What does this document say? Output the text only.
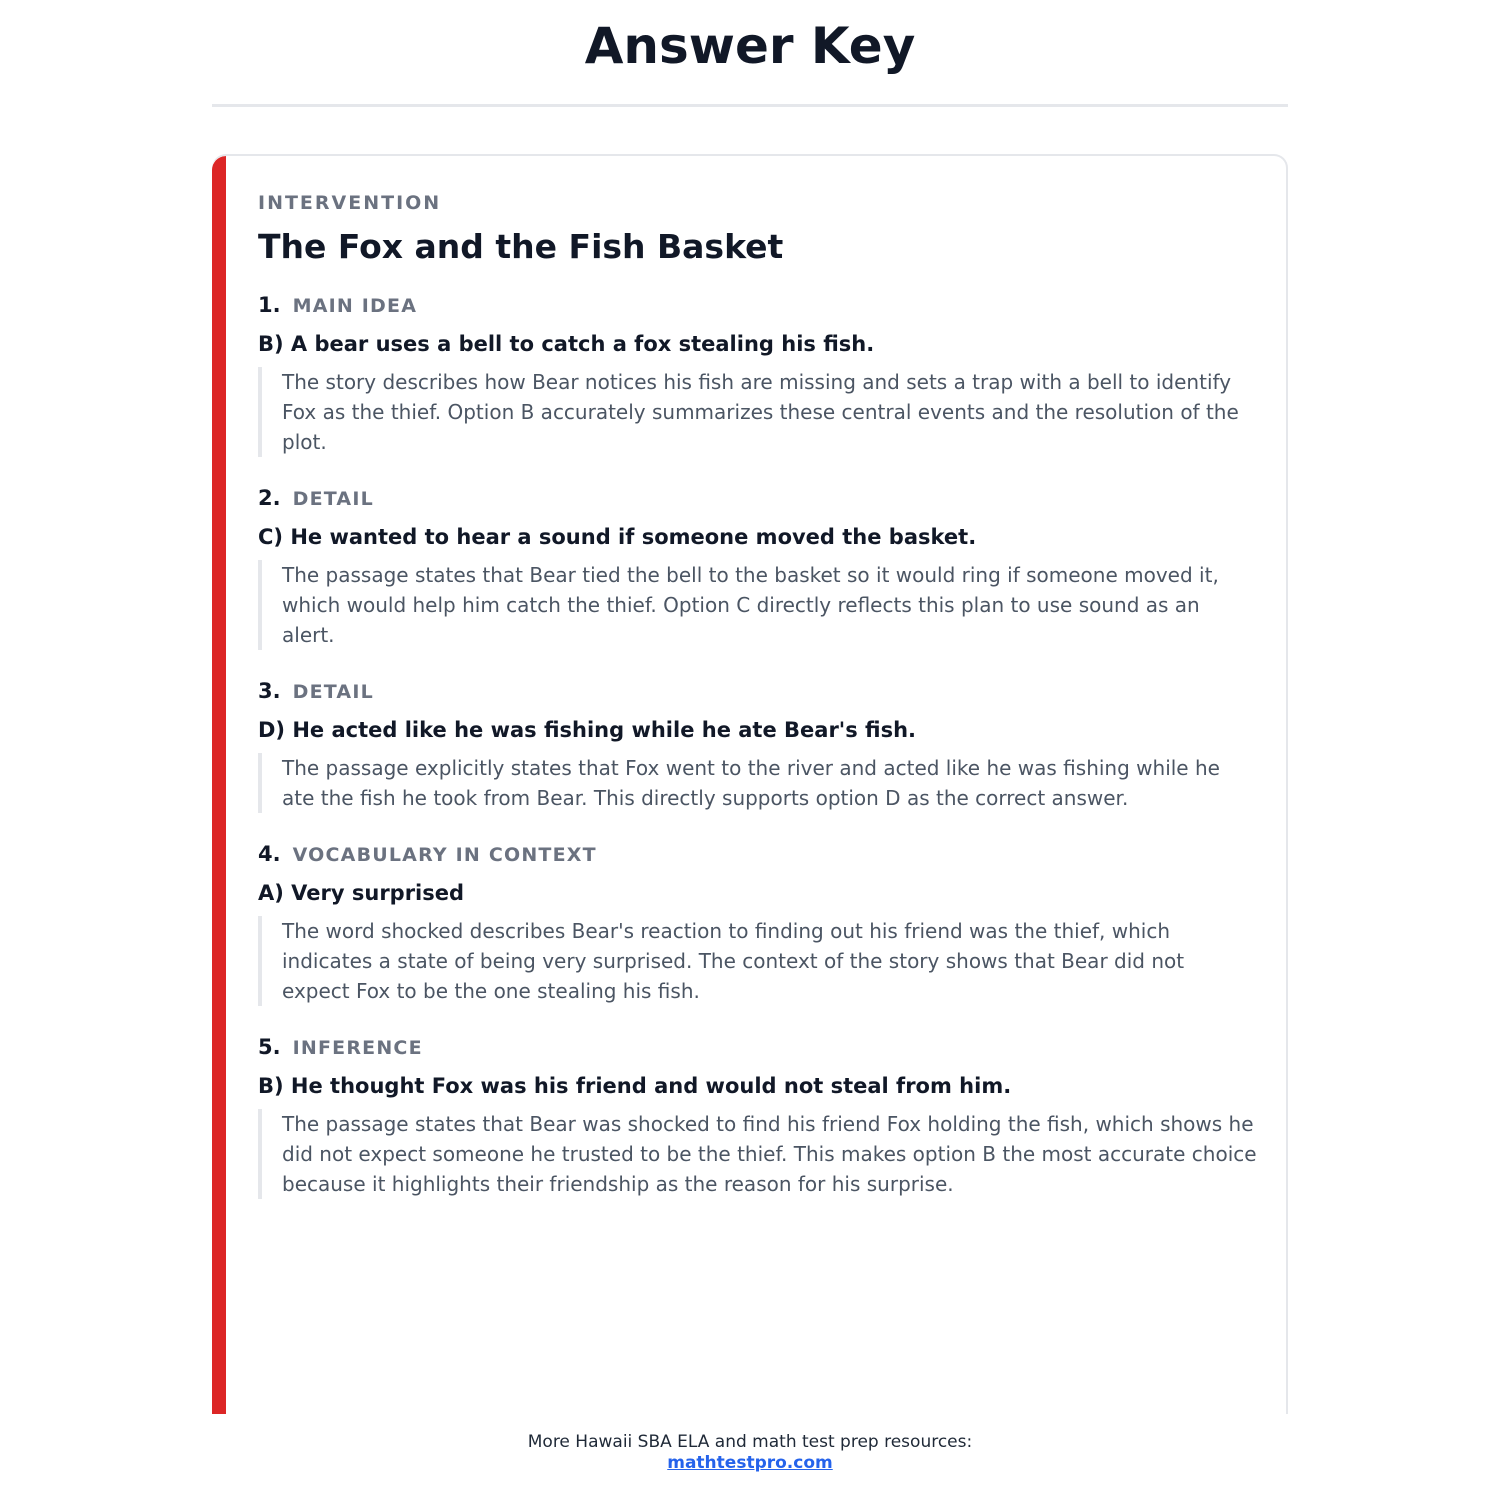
Answer Key
INTERVENTION
The Fox and the Fish Basket
1. MAIN IDEA
B) A bear uses a bell to catch a fox stealing his fish.
The story describes how Bear notices his fish are missing and sets a trap with a bell to identify Fox as the thief. Option B accurately summarizes these central events and the resolution of the plot.
2. DETAIL
C) He wanted to hear a sound if someone moved the basket.
The passage states that Bear tied the bell to the basket so it would ring if someone moved it, which would help him catch the thief. Option C directly reflects this plan to use sound as an alert.
3. DETAIL
D) He acted like he was fishing while he ate Bear's fish.
The passage explicitly states that Fox went to the river and acted like he was fishing while he ate the fish he took from Bear. This directly supports option D as the correct answer.
4. VOCABULARY IN CONTEXT
A) Very surprised
The word shocked describes Bear's reaction to finding out his friend was the thief, which indicates a state of being very surprised. The context of the story shows that Bear did not expect Fox to be the one stealing his fish.
5. INFERENCE
B) He thought Fox was his friend and would not steal from him.
The passage states that Bear was shocked to find his friend Fox holding the fish, which shows he did not expect someone he trusted to be the thief. This makes option B the most accurate choice because it highlights their friendship as the reason for his surprise.
More Hawaii SBA ELA and math test prep resources:
mathtestpro.com
